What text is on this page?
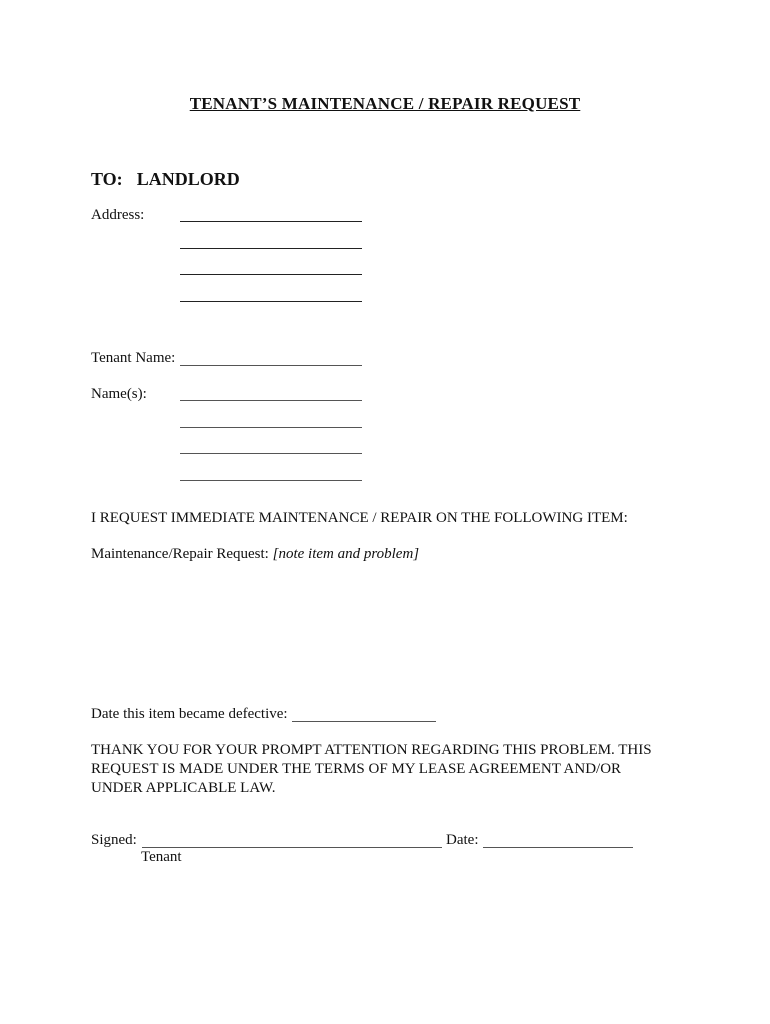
TENANT’S MAINTENANCE / REPAIR REQUEST
TO: LANDLORD
Address:
Tenant Name:
Name(s):
I REQUEST IMMEDIATE MAINTENANCE / REPAIR ON THE FOLLOWING ITEM:
Maintenance/Repair Request: [note item and problem]
Date this item became defective:
THANK YOU FOR YOUR PROMPT ATTENTION REGARDING THIS PROBLEM. THIS
REQUEST IS MADE UNDER THE TERMS OF MY LEASE AGREEMENT AND/OR
UNDER APPLICABLE LAW.
Signed:
Tenant
Date:
